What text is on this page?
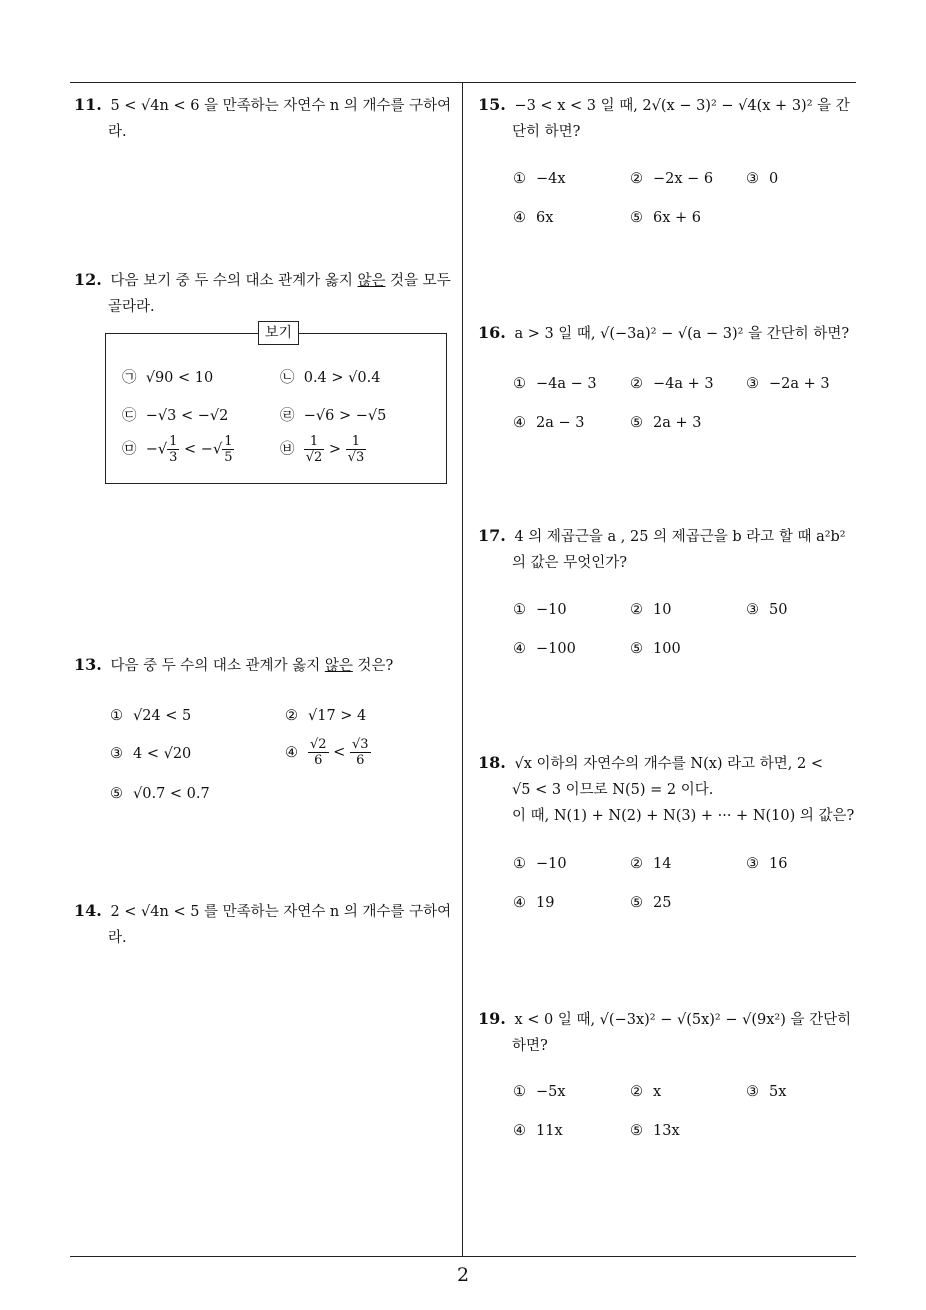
2
11. 5 < √4n < 6 을 만족하는 자연수 n 의 개수를 구하여
라.
12. 다음 보기 중 두 수의 대소 관계가 옳지 않은 것을 모두
골라라.
보기
㉠ √90 < 10	㉡ 0.4 > √0.4
㉢ −√3 < −√2	㉣ −√6 > −√5
㉤ −√ $\frac{1}{3}$ < −√ $\frac{1}{5}$	㉥ $\frac{1}{√2} > \frac{1}{√3}$
13. 다음 중 두 수의 대소 관계가 옳지 않은 것은?
① √24 < 5	② √17 > 4
③ 4 < √20	④ $\frac{√2}{6} < \frac{√3}{6}$
⑤ √0.7 < 0.7
14. 2 < √4n < 5 를 만족하는 자연수 n 의 개수를 구하여
라.
15. −3 < x < 3 일 때, 2√(x − 3)² − √4(x + 3)² 을 간
단히 하면?
① −4x	② −2x − 6 ③ 0
④ 6x	⑤ 6x + 6
16. a > 3 일 때, √(−3a)² − √(a − 3)² 을 간단히 하면?
① −4a − 3 ② −4a + 3 ③ −2a + 3
④ 2a − 3	⑤ 2a + 3
17. 4 의 제곱근을 a , 25 의 제곱근을 b 라고 할 때 a²b²
의 값은 무엇인가?
① −10	② 10	③ 50
④ −100	⑤ 100
18. √x 이하의 자연수의 개수를 N(x) 라고 하면, 2 <
√5 < 3 이므로 N(5) = 2 이다.
이 때, N(1) + N(2) + N(3) + ··· + N(10) 의 값은?
① −10	② 14	③ 16
④ 19	⑤ 25
19. x < 0 일 때, √(−3x)² − √(5x)² − √(9x²) 을 간단히
하면?
① −5x	② x	③ 5x
④ 11x	⑤ 13x
